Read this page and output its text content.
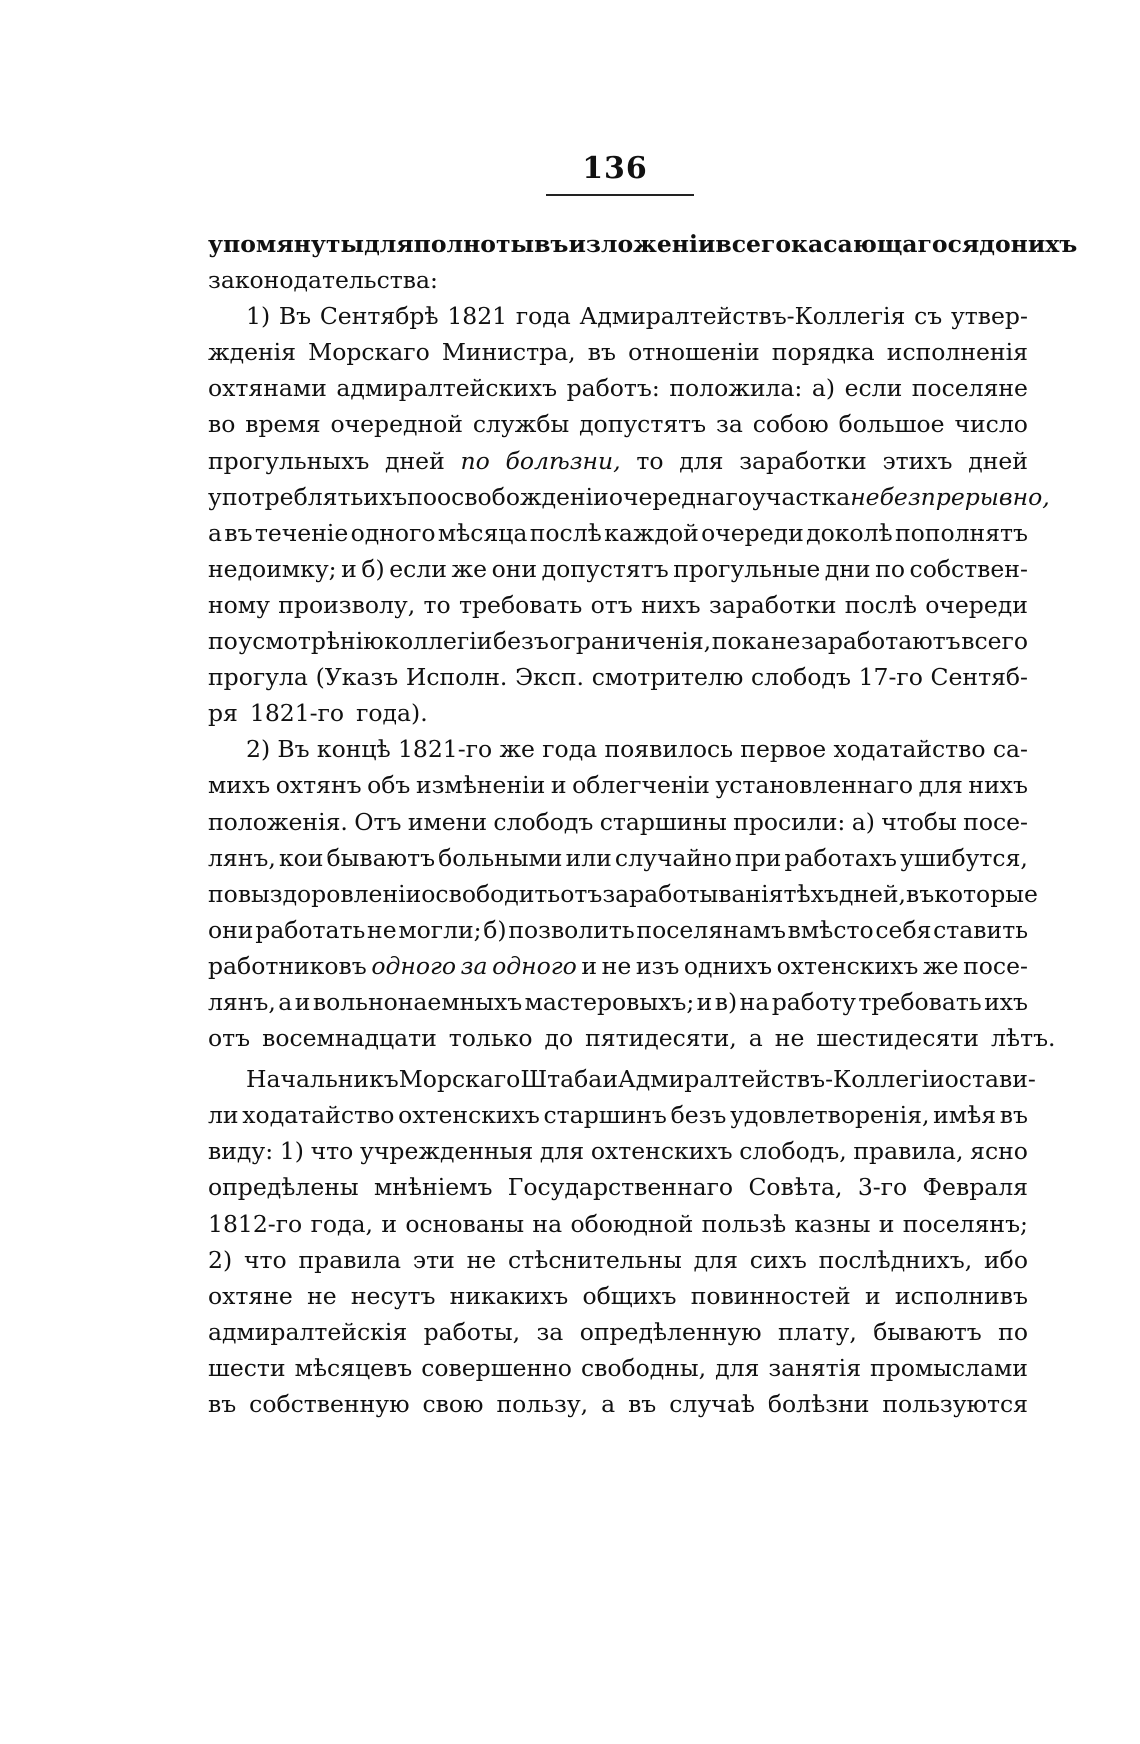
136
упомянуты для полноты въ изложеніи всего касающагося до нихъ
законодательства:
1) Въ Сентябрѣ 1821 года Адмиралтействъ-Коллегія съ утвер-
жденія Морскаго Министра, въ отношеніи порядка исполненія
охтянами адмиралтейскихъ работъ: положила: а) если поселяне
во время очередной службы допустятъ за собою большое число
прогульныхъ дней по болѣзни, то для заработки этихъ дней
употреблять ихъ по освобожденіи очереднаго участка не безпрерывно,
а въ теченіе одного мѣсяца послѣ каждой очереди доколѣ пополнятъ
недоимку; и б) если же они допустятъ прогульные дни по собствен-
ному произволу, то требовать отъ нихъ заработки послѣ очереди
по усмотрѣнію коллегіи безъ ограниченія, пока не заработаютъ всего
прогула (Указъ Исполн. Эксп. смотрителю слободъ 17-го Сентяб-
ря 1821-го года).
2) Въ концѣ 1821-го же года появилось первое ходатайство са-
михъ охтянъ объ измѣненіи и облегченіи установленнаго для нихъ
положенія. Отъ имени слободъ старшины просили: а) чтобы посе-
лянъ, кои бываютъ больными или случайно при работахъ ушибутся,
по выздоровленіи освободить отъ заработыванія тѣхъ дней, въ которые
они работать не могли; б) позволить поселянамъ вмѣсто себя ставить
работниковъ одного за одного и не изъ однихъ охтенскихъ же посе-
лянъ, а и вольнонаемныхъ мастеровыхъ; и в) на работу требовать ихъ
отъ восемнадцати только до пятидесяти, а не шестидесяти лѣтъ.
Начальникъ Морскаго Штаба и Адмиралтействъ-Коллегіи остави-
ли ходатайство охтенскихъ старшинъ безъ удовлетворенія, имѣя въ
виду: 1) что учрежденныя для охтенскихъ слободъ, правила, ясно
опредѣлены мнѣніемъ Государственнаго Совѣта, 3-го Февраля
1812-го года, и основаны на обоюдной пользѣ казны и поселянъ;
2) что правила эти не стѣснительны для сихъ послѣднихъ, ибо
охтяне не несутъ никакихъ общихъ повинностей и исполнивъ
адмиралтейскія работы, за опредѣленную плату, бываютъ по
шести мѣсяцевъ совершенно свободны, для занятія промыслами
въ собственную свою пользу, а въ случаѣ болѣзни пользуются
